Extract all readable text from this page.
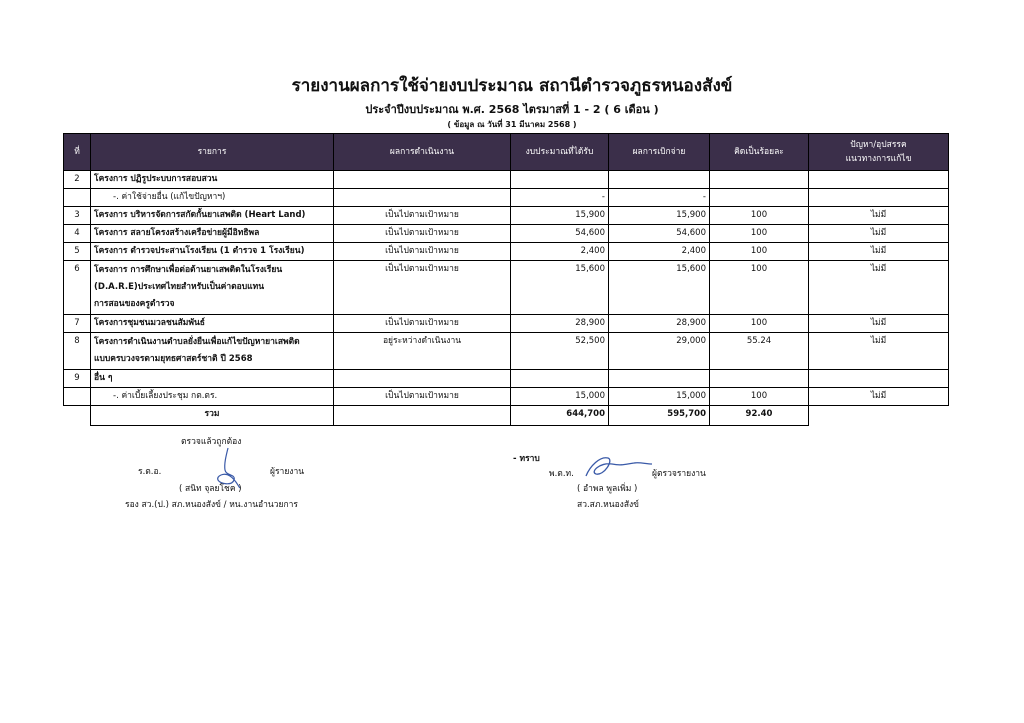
รายงานผลการใช้จ่ายงบประมาณ สถานีตำรวจภูธรหนองสังข์
ประจำปีงบประมาณ พ.ศ. 2568 ไตรมาสที่ 1 - 2 ( 6 เดือน )
( ข้อมูล ณ วันที่ 31 มีนาคม 2568 )
ที่	รายการ	ผลการดำเนินงาน	งบประมาณที่ได้รับ	ผลการเบิกจ่าย	คิดเป็นร้อยละ	ปัญหา/อุปสรรค
แนวทางการแก้ไข
2	โครงการ ปฏิรูประบบการสอบสวน					
	-. ค่าใช้จ่ายอื่น (แก้ไขปัญหาฯ)		-	-		
3	โครงการ บริหารจัดการสกัดกั้นยาเสพติด (Heart Land)	เป็นไปตามเป้าหมาย	15,900	15,900	100	ไม่มี
4	โครงการ สลายโครงสร้างเครือข่ายผู้มีอิทธิพล	เป็นไปตามเป้าหมาย	54,600	54,600	100	ไม่มี
5	โครงการ ตำรวจประสานโรงเรียน (1 ตำรวจ 1 โรงเรียน)	เป็นไปตามเป้าหมาย	2,400	2,400	100	ไม่มี
6	โครงการ การศึกษาเพื่อต่อต้านยาเสพติดในโรงเรียน
(D.A.R.E)ประเทศไทยสำหรับเป็นค่าตอบแทน
การสอนของครูตำรวจ	เป็นไปตามเป้าหมาย	15,600	15,600	100	ไม่มี
7	โครงการชุมชนมวลชนสัมพันธ์	เป็นไปตามเป้าหมาย	28,900	28,900	100	ไม่มี
8	โครงการดำเนินงานตำบลยั่งยืนเพื่อแก้ไขปัญหายาเสพติด
แบบครบวงจรตามยุทธศาสตร์ชาติ ปี 2568	อยู่ระหว่างดำเนินงาน	52,500	29,000	55.24	ไม่มี
9	อื่น ๆ					
	-. ค่าเบี้ยเลี้ยงประชุม กต.ตร.	เป็นไปตามเป้าหมาย	15,000	15,000	100	ไม่มี
	รวม		644,700	595,700	92.40	
ตรวจแล้วถูกต้อง
ร.ต.อ.	ผู้รายงาน
( สนิท จุลยโชค )
รอง สว.(ป.) สภ.หนองสังข์ / หน.งานอำนวยการ
- ทราบ
พ.ต.ท.	ผู้ตรวจรายงาน
( อำพล พูลเพิ่ม )
สว.สภ.หนองสังข์
